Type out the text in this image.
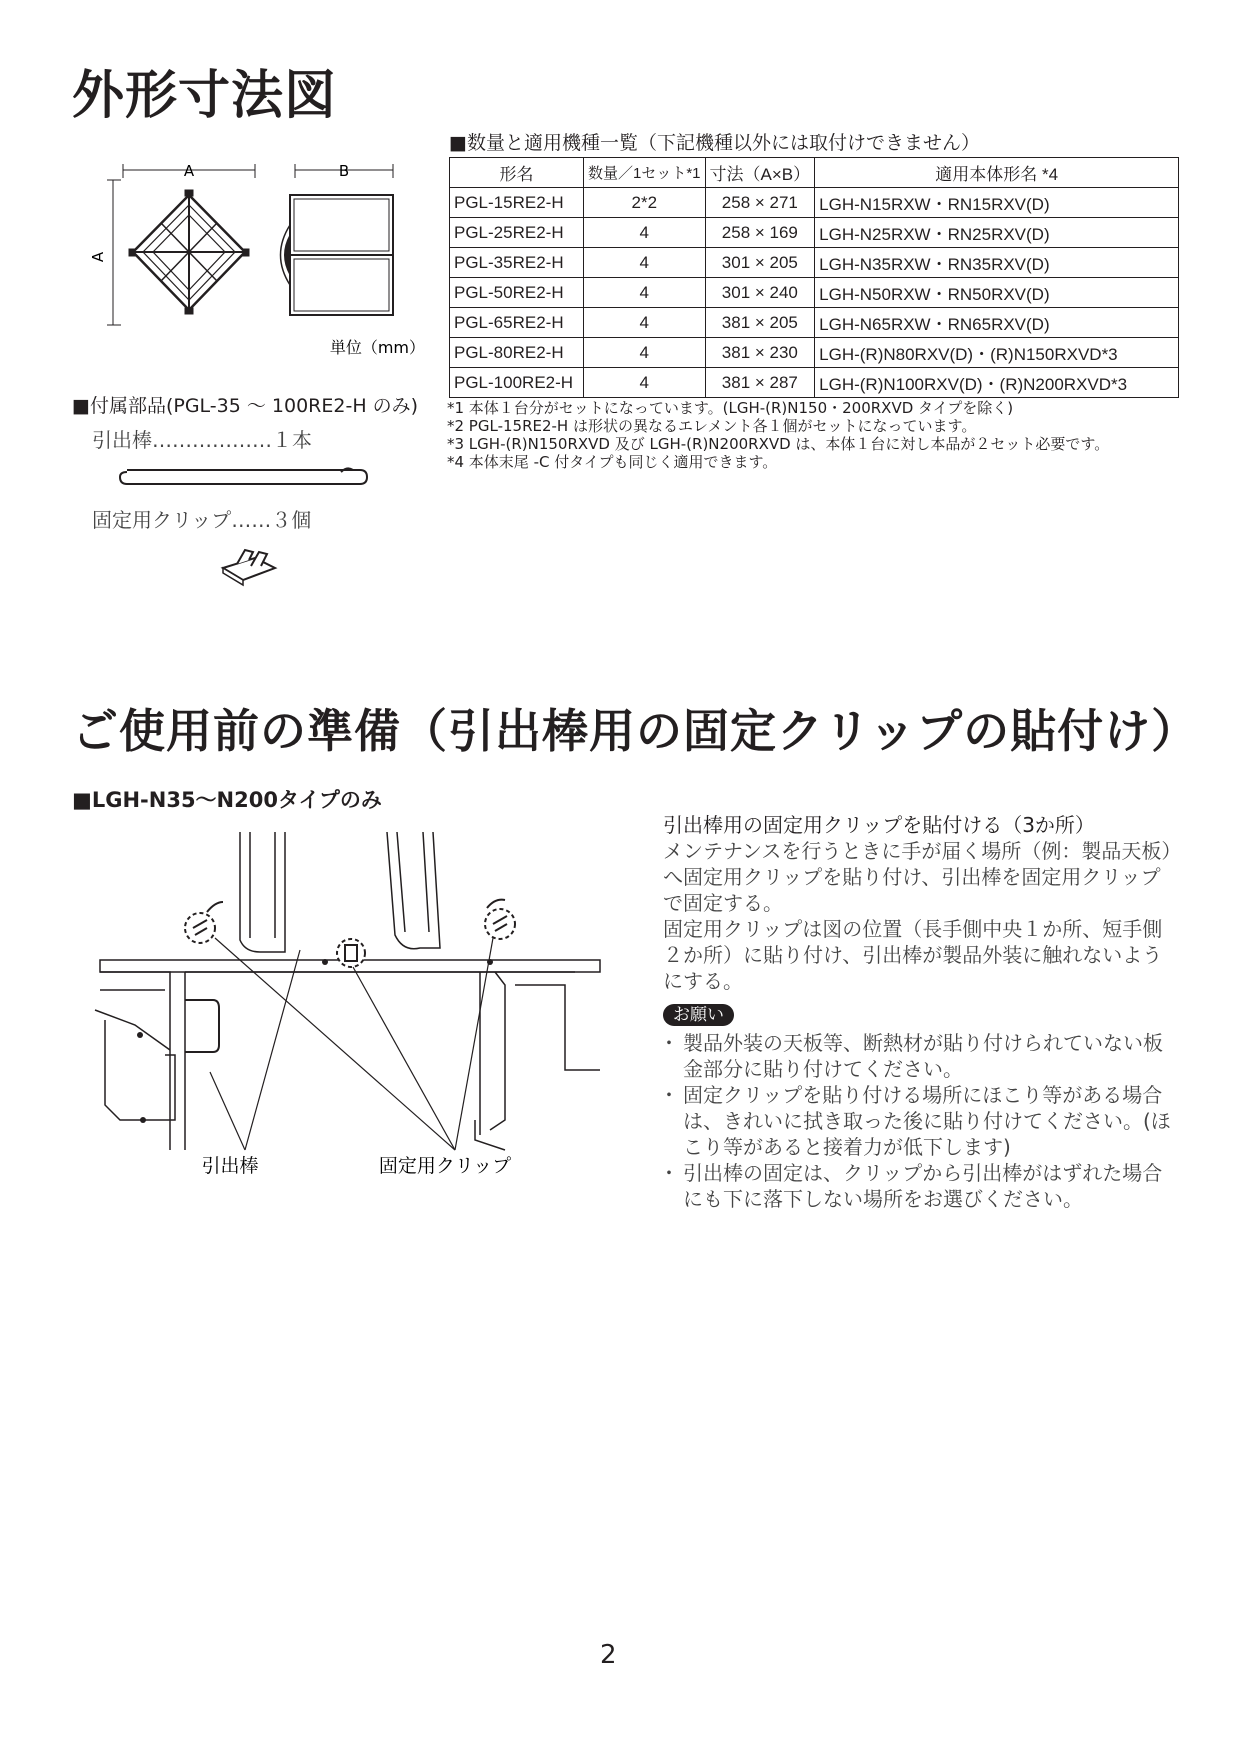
外形寸法図
A
A
B
単位（mm）
■数量と適用機種一覧（下記機種以外には取付けできません）
形名	数量／1セット*1	寸法（A×B）	適用本体形名 *4
PGL-15RE2-H	2*2	258 × 271	LGH-N15RXW・RN15RXV(D)
PGL-25RE2-H	4	258 × 169	LGH-N25RXW・RN25RXV(D)
PGL-35RE2-H	4	301 × 205	LGH-N35RXW・RN35RXV(D)
PGL-50RE2-H	4	301 × 240	LGH-N50RXW・RN50RXV(D)
PGL-65RE2-H	4	381 × 205	LGH-N65RXW・RN65RXV(D)
PGL-80RE2-H	4	381 × 230	LGH-(R)N80RXV(D)・(R)N150RXVD*3
PGL-100RE2-H	4	381 × 287	LGH-(R)N100RXV(D)・(R)N200RXVD*3
*1 本体１台分がセットになっています。(LGH-(R)N150・200RXVD タイプを除く)
*2 PGL-15RE2-H は形状の異なるエレメント各１個がセットになっています。
*3 LGH-(R)N150RXVD 及び LGH-(R)N200RXVD は、本体１台に対し本品が２セット必要です。
*4 本体末尾 -C 付タイプも同じく適用できます。
■付属部品(PGL-35 ～ 100RE2-H のみ)
引出棒………………１本
固定用クリップ……３個
ご使用前の準備（引出棒用の固定クリップの貼付け）
■LGH-N35～N200タイプのみ
引出棒	固定用クリップ
引出棒用の固定用クリップを貼付ける（3か所）
メンテナンスを行うときに手が届く場所（例：製品天板）へ固定用クリップを貼り付け、引出棒を固定用クリップで固定する。
固定用クリップは図の位置（長手側中央１か所、短手側２か所）に貼り付け、引出棒が製品外装に触れないようにする。
お願い
・ 製品外装の天板等、断熱材が貼り付けられていない板金部分に貼り付けてください。
・ 固定クリップを貼り付ける場所にほこり等がある場合は、きれいに拭き取った後に貼り付けてください。(ほこり等があると接着力が低下します)
・ 引出棒の固定は、クリップから引出棒がはずれた場合にも下に落下しない場所をお選びください。
2
